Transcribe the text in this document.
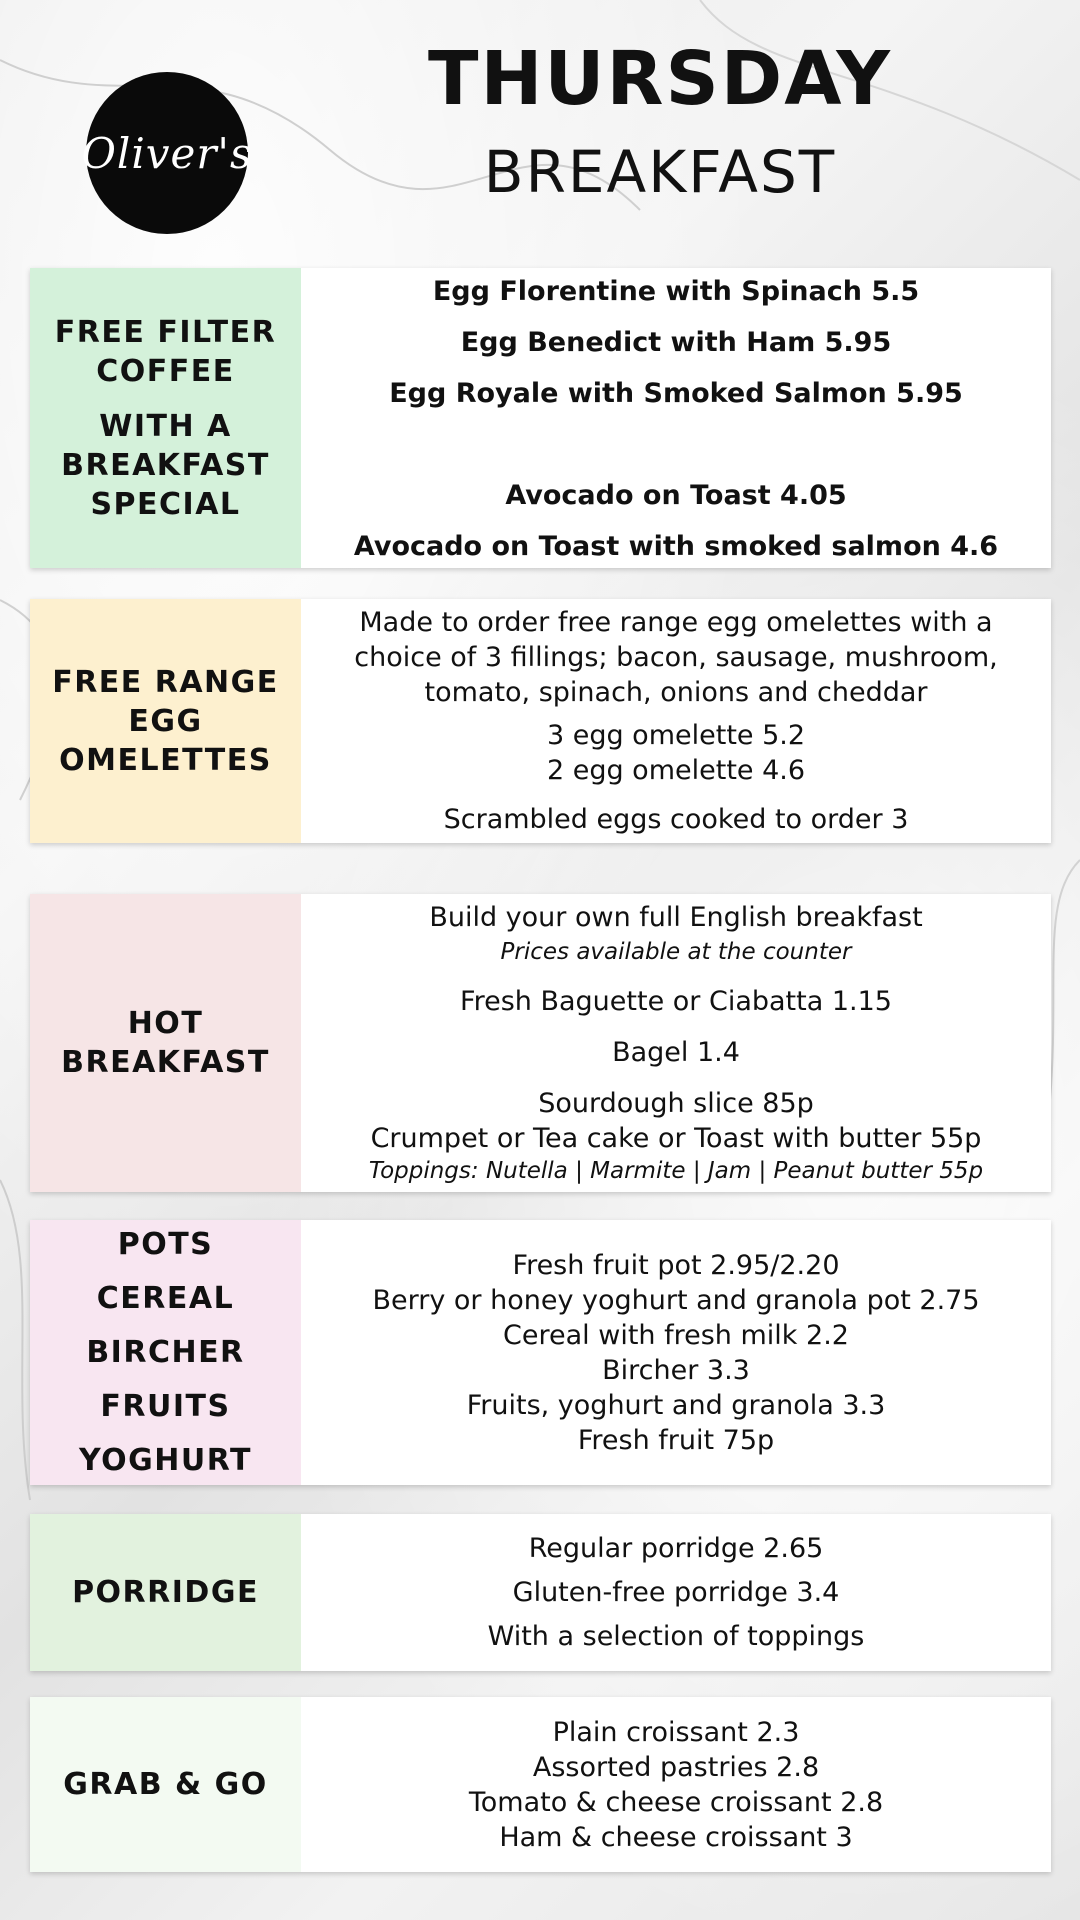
Oliver's
THURSDAY
BREAKFAST
FREE FILTER
COFFEE
WITH A
BREAKFAST
SPECIAL
Egg Florentine with Spinach 5.5
Egg Benedict with Ham 5.95
Egg Royale with Smoked Salmon 5.95
Avocado on Toast 4.05
Avocado on Toast with smoked salmon 4.6
FREE RANGE
EGG
OMELETTES
Made to order free range egg omelettes with a choice of 3 fillings; bacon, sausage, mushroom, tomato, spinach, onions and cheddar
3 egg omelette 5.2
2 egg omelette 4.6
Scrambled eggs cooked to order 3
HOT
BREAKFAST
Build your own full English breakfast
Prices available at the counter
Fresh Baguette or Ciabatta 1.15
Bagel 1.4
Sourdough slice 85p
Crumpet or Tea cake or Toast with butter 55p
Toppings: Nutella | Marmite | Jam | Peanut butter 55p
POTS
CEREAL
BIRCHER
FRUITS
YOGHURT
Fresh fruit pot 2.95/2.20
Berry or honey yoghurt and granola pot 2.75
Cereal with fresh milk 2.2
Bircher 3.3
Fruits, yoghurt and granola 3.3
Fresh fruit 75p
PORRIDGE
Regular porridge 2.65
Gluten-free porridge 3.4
With a selection of toppings
GRAB & GO
Plain croissant 2.3
Assorted pastries 2.8
Tomato & cheese croissant 2.8
Ham & cheese croissant 3
